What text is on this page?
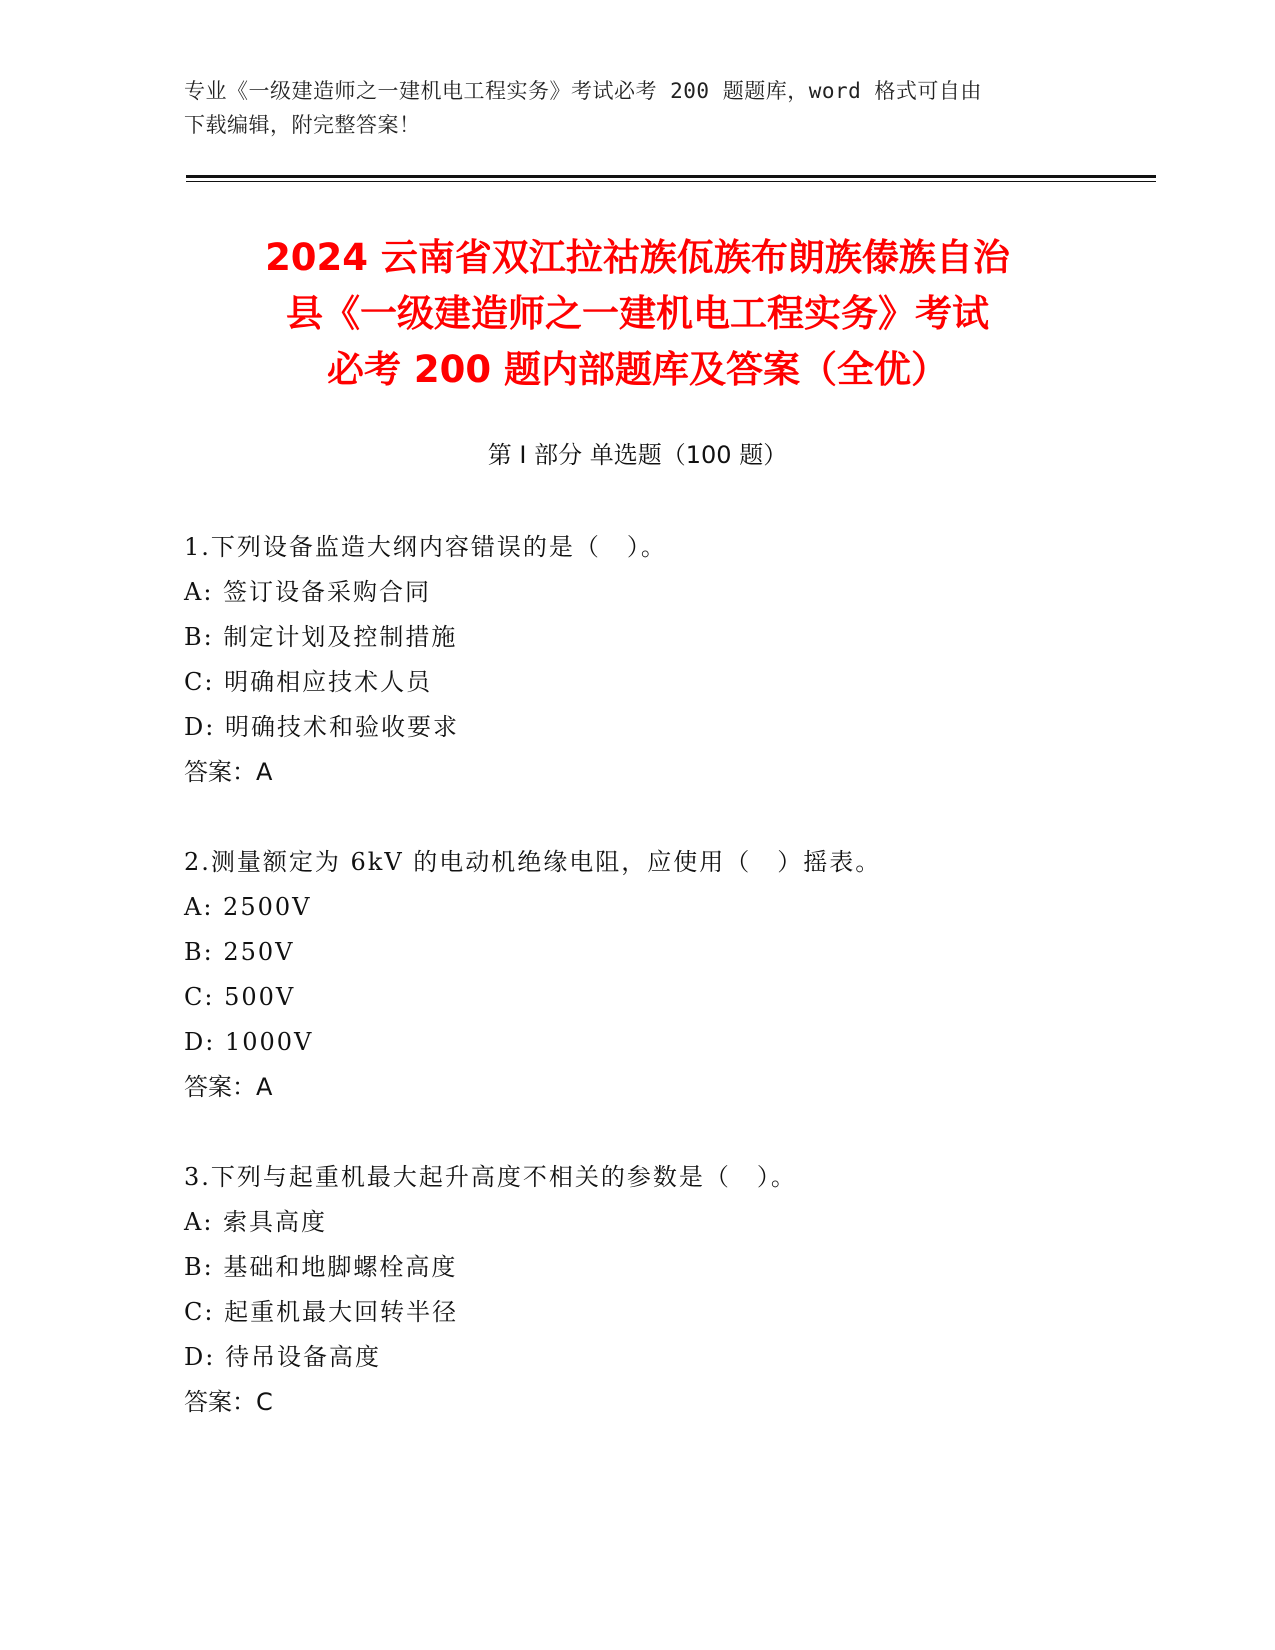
专业《一级建造师之一建机电工程实务》考试必考 200 题题库，word 格式可自由
下载编辑，附完整答案！
2024 云南省双江拉祜族佤族布朗族傣族自治
县《一级建造师之一建机电工程实务》考试
必考 200 题内部题库及答案（全优）
第 I 部分 单选题（100 题）
1.下列设备监造大纲内容错误的是（　）。
A: 签订设备采购合同
B: 制定计划及控制措施
C: 明确相应技术人员
D: 明确技术和验收要求
答案：A
2.测量额定为 6kV 的电动机绝缘电阻，应使用（　）摇表。
A: 2500V
B: 250V
C: 500V
D: 1000V
答案：A
3.下列与起重机最大起升高度不相关的参数是（　）。
A: 索具高度
B: 基础和地脚螺栓高度
C: 起重机最大回转半径
D: 待吊设备高度
答案：C
